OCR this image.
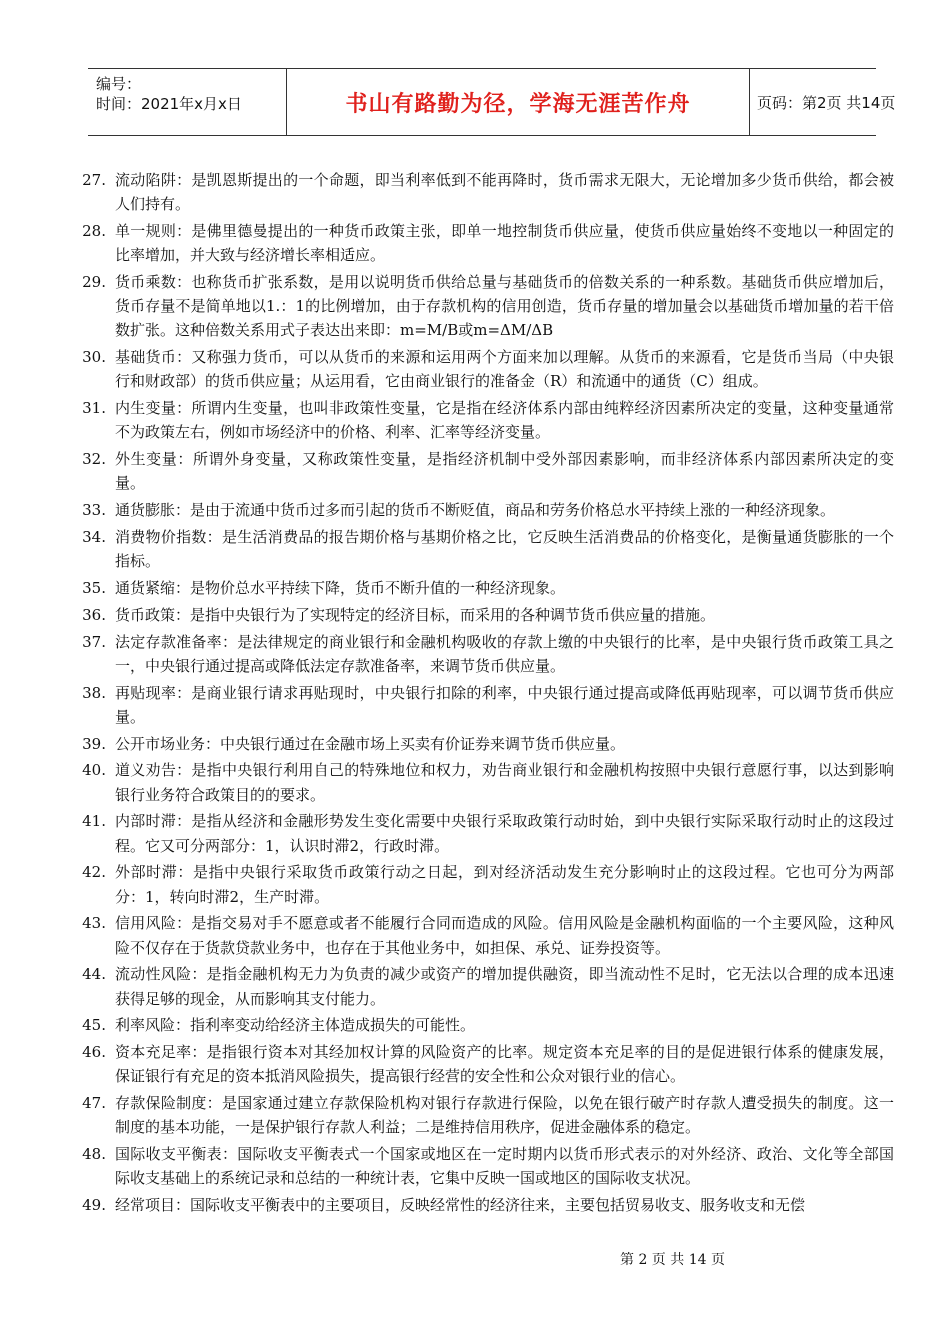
编号：
时间：2021年x月x日	书山有路勤为径，学海无涯苦作舟	页码：第2页 共14页
27. 流动陷阱：是凯恩斯提出的一个命题，即当利率低到不能再降时，货币需求无限大，无论增加多少货币供给，都会被人们持有。
28. 单一规则：是佛里德曼提出的一种货币政策主张，即单一地控制货币供应量，使货币供应量始终不变地以一种固定的比率增加，并大致与经济增长率相适应。
29. 货币乘数：也称货币扩张系数，是用以说明货币供给总量与基础货币的倍数关系的一种系数。基础货币供应增加后，货币存量不是简单地以1.：1的比例增加，由于存款机构的信用创造，货币存量的增加量会以基础货币增加量的若干倍数扩张。这种倍数关系用式子表达出来即：m=M/B或m=ΔM/ΔB
30. 基础货币：又称强力货币，可以从货币的来源和运用两个方面来加以理解。从货币的来源看，它是货币当局（中央银行和财政部）的货币供应量；从运用看，它由商业银行的准备金（R）和流通中的通货（C）组成。
31. 内生变量：所谓内生变量，也叫非政策性变量，它是指在经济体系内部由纯粹经济因素所决定的变量，这种变量通常不为政策左右，例如市场经济中的价格、利率、汇率等经济变量。
32. 外生变量：所谓外身变量，又称政策性变量，是指经济机制中受外部因素影响，而非经济体系内部因素所决定的变量。
33. 通货膨胀：是由于流通中货币过多而引起的货币不断贬值，商品和劳务价格总水平持续上涨的一种经济现象。
34. 消费物价指数：是生活消费品的报告期价格与基期价格之比，它反映生活消费品的价格变化，是衡量通货膨胀的一个指标。
35. 通货紧缩：是物价总水平持续下降，货币不断升值的一种经济现象。
36. 货币政策：是指中央银行为了实现特定的经济目标，而采用的各种调节货币供应量的措施。
37. 法定存款准备率：是法律规定的商业银行和金融机构吸收的存款上缴的中央银行的比率，是中央银行货币政策工具之一，中央银行通过提高或降低法定存款准备率，来调节货币供应量。
38. 再贴现率：是商业银行请求再贴现时，中央银行扣除的利率，中央银行通过提高或降低再贴现率，可以调节货币供应量。
39. 公开市场业务：中央银行通过在金融市场上买卖有价证券来调节货币供应量。
40. 道义劝告：是指中央银行利用自己的特殊地位和权力，劝告商业银行和金融机构按照中央银行意愿行事，以达到影响银行业务符合政策目的的要求。
41. 内部时滞：是指从经济和金融形势发生变化需要中央银行采取政策行动时始，到中央银行实际采取行动时止的这段过程。它又可分两部分：1，认识时滞2，行政时滞。
42. 外部时滞：是指中央银行采取货币政策行动之日起，到对经济活动发生充分影响时止的这段过程。它也可分为两部分：1，转向时滞2，生产时滞。
43. 信用风险：是指交易对手不愿意或者不能履行合同而造成的风险。信用风险是金融机构面临的一个主要风险，这种风险不仅存在于货款贷款业务中，也存在于其他业务中，如担保、承兑、证券投资等。
44. 流动性风险：是指金融机构无力为负责的减少或资产的增加提供融资，即当流动性不足时，它无法以合理的成本迅速获得足够的现金，从而影响其支付能力。
45. 利率风险：指利率变动给经济主体造成损失的可能性。
46. 资本充足率：是指银行资本对其经加权计算的风险资产的比率。规定资本充足率的目的是促进银行体系的健康发展，保证银行有充足的资本抵消风险损失，提高银行经营的安全性和公众对银行业的信心。
47. 存款保险制度：是国家通过建立存款保险机构对银行存款进行保险，以免在银行破产时存款人遭受损失的制度。这一制度的基本功能，一是保护银行存款人利益；二是维持信用秩序，促进金融体系的稳定。
48. 国际收支平衡表：国际收支平衡表式一个国家或地区在一定时期内以货币形式表示的对外经济、政治、文化等全部国际收支基础上的系统记录和总结的一种统计表，它集中反映一国或地区的国际收支状况。
49. 经常项目：国际收支平衡表中的主要项目，反映经常性的经济往来，主要包括贸易收支、服务收支和无偿
第 2 页 共 14 页
